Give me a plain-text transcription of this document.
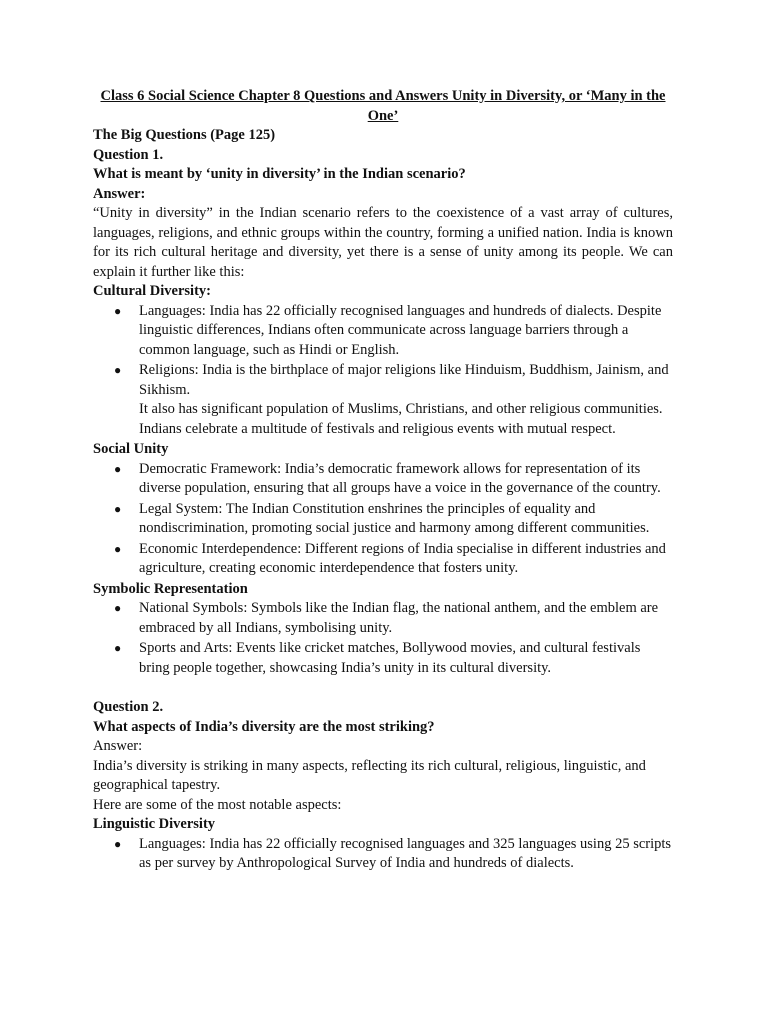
Class 6 Social Science Chapter 8 Questions and Answers Unity in Diversity, or ‘Many in the One’

The Big Questions (Page 125)

Question 1.

What is meant by ‘unity in diversity’ in the Indian scenario?

Answer:

“Unity in diversity” in the Indian scenario refers to the coexistence of a vast array of cultures, languages, religions, and ethnic groups within the country, forming a unified nation. India is known for its rich cultural heritage and diversity, yet there is a sense of unity among its people. We can explain it further like this:

Cultural Diversity:

● Languages: India has 22 officially recognised languages and hundreds of dialects. Despite linguistic differences, Indians often communicate across language barriers through a common language, such as Hindi or English.
● Religions: India is the birthplace of major religions like Hinduism, Buddhism, Jainism, and Sikhism.
It also has significant population of Muslims, Christians, and other religious communities. Indians celebrate a multitude of festivals and religious events with mutual respect.

Social Unity

● Democratic Framework: India’s democratic framework allows for representation of its diverse population, ensuring that all groups have a voice in the governance of the country.
● Legal System: The Indian Constitution enshrines the principles of equality and nondiscrimination, promoting social justice and harmony among different communities.
● Economic Interdependence: Different regions of India specialise in different industries and agriculture, creating economic interdependence that fosters unity.

Symbolic Representation

● National Symbols: Symbols like the Indian flag, the national anthem, and the emblem are embraced by all Indians, symbolising unity.
● Sports and Arts: Events like cricket matches, Bollywood movies, and cultural festivals bring people together, showcasing India’s unity in its cultural diversity.

Question 2.

What aspects of India’s diversity are the most striking?

Answer:

India’s diversity is striking in many aspects, reflecting its rich cultural, religious, linguistic, and geographical tapestry.

Here are some of the most notable aspects:

Linguistic Diversity

● Languages: India has 22 officially recognised languages and 325 languages using 25 scripts as per survey by Anthropological Survey of India and hundreds of dialects.
